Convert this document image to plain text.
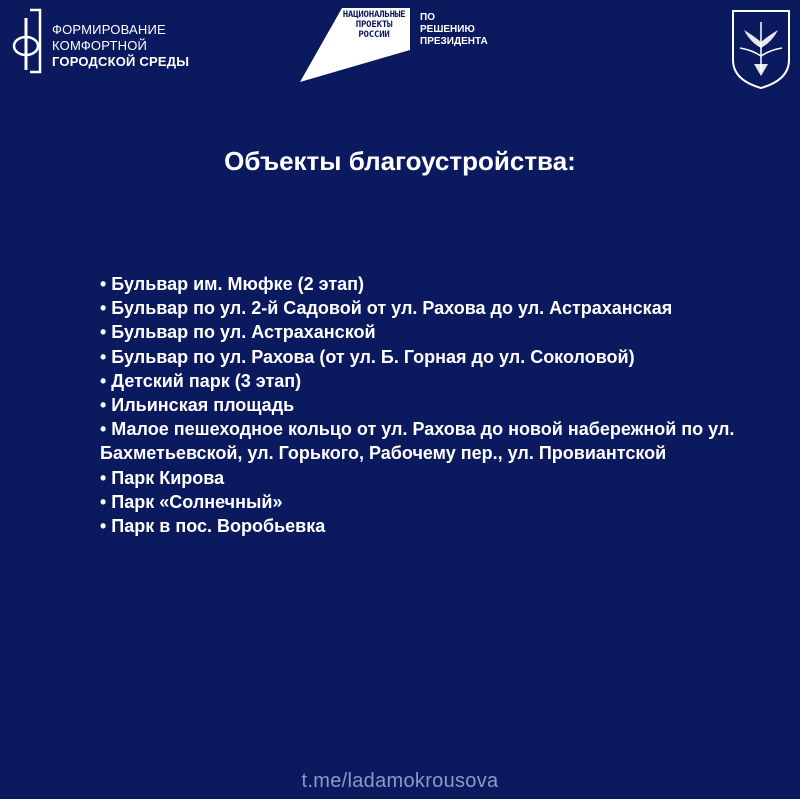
ФОРМИРОВАНИЕ
КОМФОРТНОЙ
ГОРОДСКОЙ СРЕДЫ
НАЦИОНАЛЬНЫЕ
ПРОЕКТЫ
РОССИИ
ПО РЕШЕНИЮ
ПРЕЗИДЕНТА
Объекты благоустройства:
• Бульвар им. Мюфке (2 этап)
• Бульвар по ул. 2-й Садовой от ул. Рахова до ул. Астраханская
• Бульвар по ул. Астраханской
• Бульвар по ул. Рахова (от ул. Б. Горная до ул. Соколовой)
• Детский парк (3 этап)
• Ильинская площадь
• Малое пешеходное кольцо от ул. Рахова до новой набережной по ул. Бахметьевской, ул. Горького, Рабочему пер., ул. Провиантской
• Парк Кирова
• Парк «Солнечный»
• Парк в пос. Воробьевка
t.me/ladamokrousova
